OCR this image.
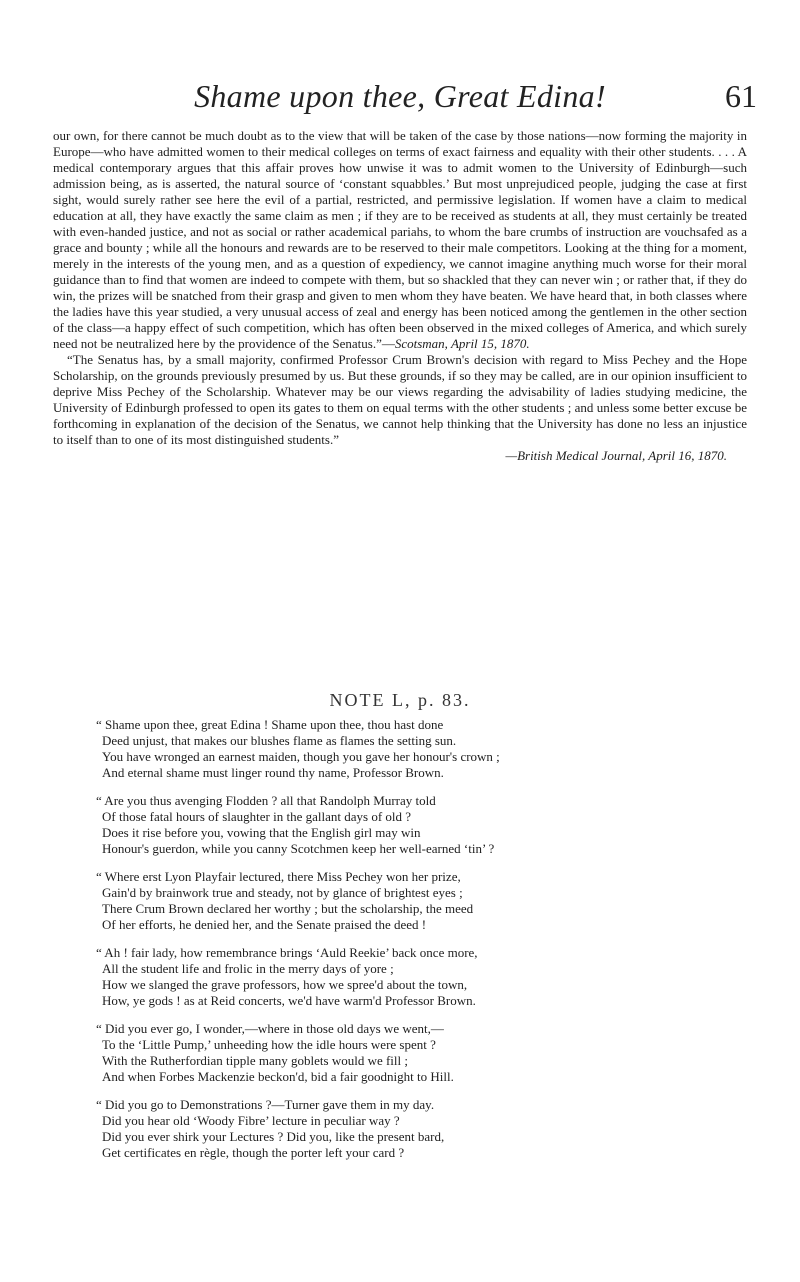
Shame upon thee, Great Edina!	61

our own, for there cannot be much doubt as to the view that will be taken of the case by those nations—now forming the majority in Europe—who have admitted women to their medical colleges on terms of exact fairness and equality with their other students. . . . A medical contemporary argues that this affair proves how unwise it was to admit women to the University of Edinburgh—such admission being, as is asserted, the natural source of ‘constant squabbles.’ But most unprejudiced people, judging the case at first sight, would surely rather see here the evil of a partial, restricted, and permissive legislation. If women have a claim to medical education at all, they have exactly the same claim as men ; if they are to be received as students at all, they must certainly be treated with even-handed justice, and not as social or rather academical pariahs, to whom the bare crumbs of instruction are vouchsafed as a grace and bounty ; while all the honours and rewards are to be reserved to their male competitors. Looking at the thing for a moment, merely in the interests of the young men, and as a question of expediency, we cannot imagine anything much worse for their moral guidance than to find that women are indeed to compete with them, but so shackled that they can never win ; or rather that, if they do win, the prizes will be snatched from their grasp and given to men whom they have beaten. We have heard that, in both classes where the ladies have this year studied, a very unusual access of zeal and energy has been noticed among the gentlemen in the other section of the class—a happy effect of such competition, which has often been observed in the mixed colleges of America, and which surely need not be neutralized here by the providence of the Senatus.”—Scotsman, April 15, 1870.

“The Senatus has, by a small majority, confirmed Professor Crum Brown's decision with regard to Miss Pechey and the Hope Scholarship, on the grounds previously presumed by us. But these grounds, if so they may be called, are in our opinion insufficient to deprive Miss Pechey of the Scholarship. Whatever may be our views regarding the advisability of ladies studying medicine, the University of Edinburgh professed to open its gates to them on equal terms with the other students ; and unless some better excuse be forthcoming in explanation of the decision of the Senatus, we cannot help thinking that the University has done no less an injustice to itself than to one of its most distinguished students.”

—British Medical Journal, April 16, 1870.

NOTE L, p. 83.
“ Shame upon thee, great Edina ! Shame upon thee, thou hast done
Deed unjust, that makes our blushes flame as flames the setting sun.
You have wronged an earnest maiden, though you gave her honour's crown ;
And eternal shame must linger round thy name, Professor Brown.
“ Are you thus avenging Flodden ? all that Randolph Murray told
Of those fatal hours of slaughter in the gallant days of old ?
Does it rise before you, vowing that the English girl may win
Honour's guerdon, while you canny Scotchmen keep her well-earned ‘tin’ ?
“ Where erst Lyon Playfair lectured, there Miss Pechey won her prize,
Gain'd by brainwork true and steady, not by glance of brightest eyes ;
There Crum Brown declared her worthy ; but the scholarship, the meed
Of her efforts, he denied her, and the Senate praised the deed !
“ Ah ! fair lady, how remembrance brings ‘Auld Reekie’ back once more,
All the student life and frolic in the merry days of yore ;
How we slanged the grave professors, how we spree'd about the town,
How, ye gods ! as at Reid concerts, we'd have warm'd Professor Brown.
“ Did you ever go, I wonder,—where in those old days we went,—
To the ‘Little Pump,’ unheeding how the idle hours were spent ?
With the Rutherfordian tipple many goblets would we fill ;
And when Forbes Mackenzie beckon'd, bid a fair goodnight to Hill.
“ Did you go to Demonstrations ?—Turner gave them in my day.
Did you hear old ‘Woody Fibre’ lecture in peculiar way ?
Did you ever shirk your Lectures ? Did you, like the present bard,
Get certificates en règle, though the porter left your card ?
